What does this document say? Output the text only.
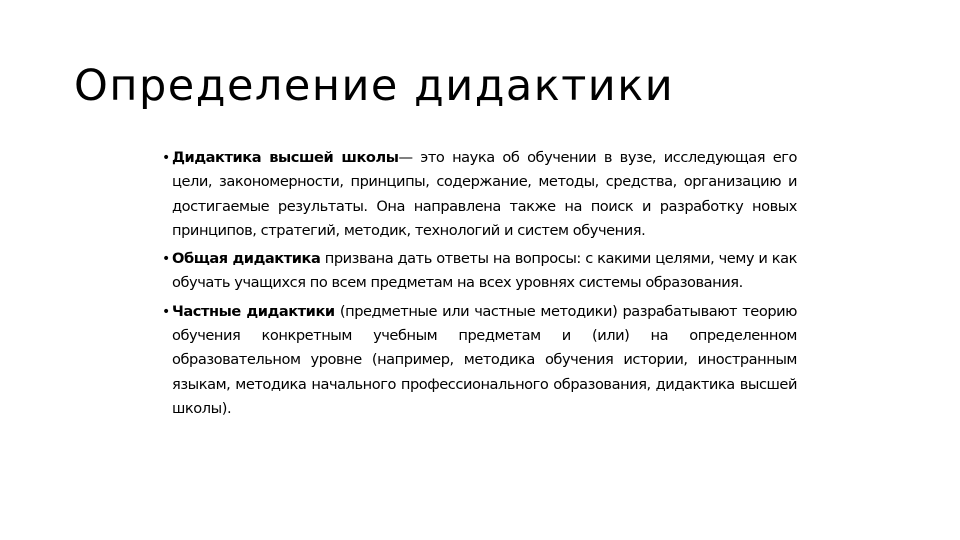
Определение дидактики
• Дидактика высшей школы— это наука об обучении в вузе, исследующая его цели, закономерности, принципы, содержание, методы, средства, организацию и достигаемые результаты. Она направлена также на поиск и разработку новых принципов, стратегий, методик, технологий и систем обучения.
• Общая дидактика призвана дать ответы на вопросы: с какими целями, чему и как обучать учащихся по всем предметам на всех уровнях системы образования.
• Частные дидактики (предметные или частные методики) разрабатывают теорию обучения конкретным учебным предметам и (или) на определенном образовательном уровне (например, методика обучения истории, иностранным языкам, методика начального профессионального образования, дидактика высшей школы).
